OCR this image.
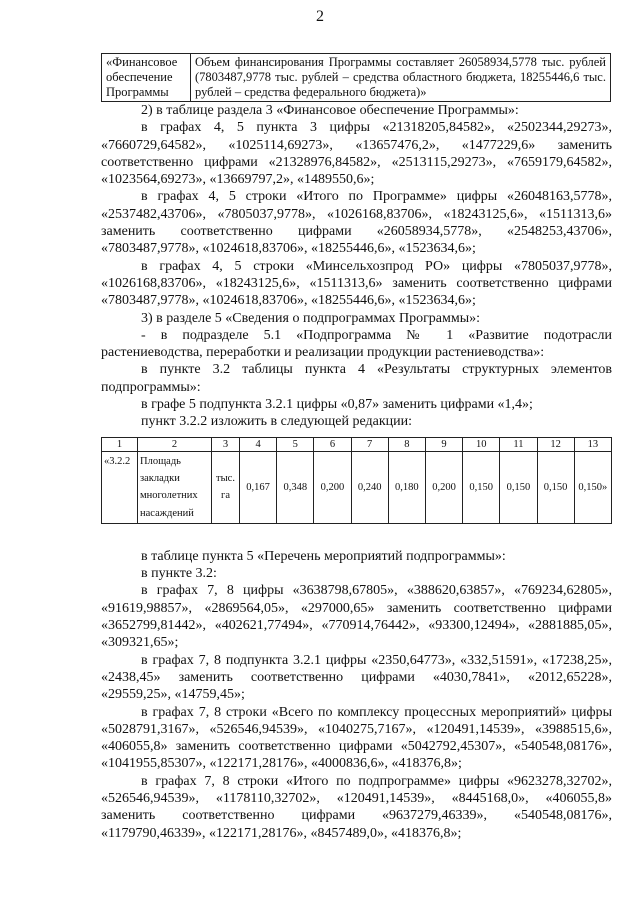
2
«Финансовое обеспечение Программы	Объем финансирования Программы составляет 26058934,5778 тыс. рублей (7803487,9778 тыс. рублей – средства областного бюджета, 18255446,6 тыс. рублей – средства федерального бюджета)»

2) в таблице раздела 3 «Финансовое обеспечение Программы»:

в графах 4, 5 пункта 3 цифры «21318205,84582», «2502344,29273», «7660729,64582», «1025114,69273», «13657476,2», «1477229,6» заменить соответственно цифрами «21328976,84582», «2513115,29273», «7659179,64582», «1023564,69273», «13669797,2», «1489550,6»;

в графах 4, 5 строки «Итого по Программе» цифры «26048163,5778», «2537482,43706», «7805037,9778», «1026168,83706», «18243125,6», «1511313,6» заменить соответственно цифрами «26058934,5778», «2548253,43706», «7803487,9778», «1024618,83706», «18255446,6», «1523634,6»;

в графах 4, 5 строки «Минсельхозпрод РО» цифры «7805037,9778», «1026168,83706», «18243125,6», «1511313,6» заменить соответственно цифрами «7803487,9778», «1024618,83706», «18255446,6», «1523634,6»;

3) в разделе 5 «Сведения о подпрограммах Программы»:

- в подразделе 5.1 «Подпрограмма № 1 «Развитие подотрасли растениеводства, переработки и реализации продукции растениеводства»:

в пункте 3.2 таблицы пункта 4 «Результаты структурных элементов подпрограммы»:

в графе 5 подпункта 3.2.1 цифры «0,87» заменить цифрами «1,4»;

пункт 3.2.2 изложить в следующей редакции:

1	2	3	4	5	6	7	8	9	10	11	12	13
«3.2.2	Площадь закладки многолетних насаждений	тыс. га	0,167	0,348	0,200	0,240	0,180	0,200	0,150	0,150	0,150	0,150»

в таблице пункта 5 «Перечень мероприятий подпрограммы»:

в пункте 3.2:

в графах 7, 8 цифры «3638798,67805», «388620,63857», «769234,62805», «91619,98857», «2869564,05», «297000,65» заменить соответственно цифрами «3652799,81442», «402621,77494», «770914,76442», «93300,12494», «2881885,05», «309321,65»;

в графах 7, 8 подпункта 3.2.1 цифры «2350,64773», «332,51591», «17238,25», «2438,45» заменить соответственно цифрами «4030,7841», «2012,65228», «29559,25», «14759,45»;

в графах 7, 8 строки «Всего по комплексу процессных мероприятий» цифры «5028791,3167», «526546,94539», «1040275,7167», «120491,14539», «3988515,6», «406055,8» заменить соответственно цифрами «5042792,45307», «540548,08176», «1041955,85307», «122171,28176», «4000836,6», «418376,8»;

в графах 7, 8 строки «Итого по подпрограмме» цифры «9623278,32702», «526546,94539», «1178110,32702», «120491,14539», «8445168,0», «406055,8» заменить соответственно цифрами «9637279,46339», «540548,08176», «1179790,46339», «122171,28176», «8457489,0», «418376,8»;
